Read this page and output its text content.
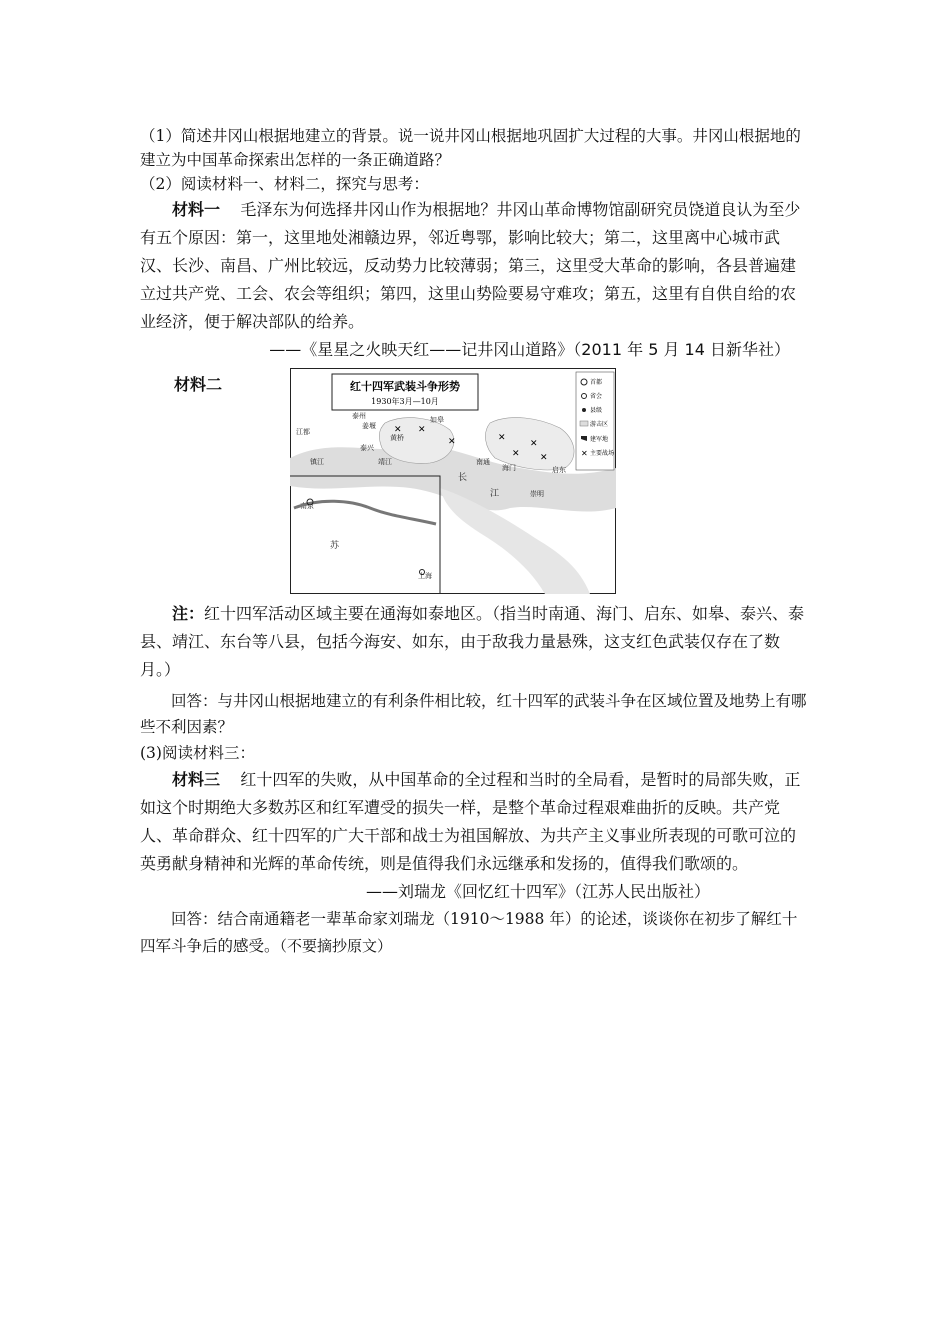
（1）简述井冈山根据地建立的背景。说一说井冈山根据地巩固扩大过程的大事。井冈山根据地的建立为中国革命探索出怎样的一条正确道路？

（2）阅读材料一、材料二，探究与思考：

材料一 毛泽东为何选择井冈山作为根据地？井冈山革命博物馆副研究员饶道良认为至少有五个原因：第一，这里地处湘赣边界，邻近粤鄂，影响比较大；第二，这里离中心城市武汉、长沙、南昌、广州比较远，反动势力比较薄弱；第三，这里受大革命的影响，各县普遍建立过共产党、工会、农会等组织；第四，这里山势险要易守难攻；第五，这里有自供自给的农业经济，便于解决部队的给养。

——《星星之火映天红——记井冈山道路》（2011 年 5 月 14 日新华社）

材料二	红十四军武装斗争形势
1930年3月—10月
首都
省会
县级
游击区
建军地
✕ 主要战场
✕ ✕
✕	✕
✕
✕
✕
泰州
姜堰
如皋
江都
镇江	靖江
泰兴
黄桥
南通
海门	启东
崇明
长
江
南京
上海
苏

注：红十四军活动区域主要在通海如泰地区。（指当时南通、海门、启东、如皋、泰兴、泰县、靖江、东台等八县，包括今海安、如东，由于敌我力量悬殊，这支红色武装仅存在了数月。）

回答：与井冈山根据地建立的有利条件相比较，红十四军的武装斗争在区域位置及地势上有哪些不利因素？

(3)阅读材料三：

材料三 红十四军的失败，从中国革命的全过程和当时的全局看，是暂时的局部失败，正如这个时期绝大多数苏区和红军遭受的损失一样，是整个革命过程艰难曲折的反映。共产党人、革命群众、红十四军的广大干部和战士为祖国解放、为共产主义事业所表现的可歌可泣的英勇献身精神和光辉的革命传统，则是值得我们永远继承和发扬的，值得我们歌颂的。

——刘瑞龙《回忆红十四军》（江苏人民出版社）

回答：结合南通籍老一辈革命家刘瑞龙（1910～1988 年）的论述，谈谈你在初步了解红十四军斗争后的感受。（不要摘抄原文）
